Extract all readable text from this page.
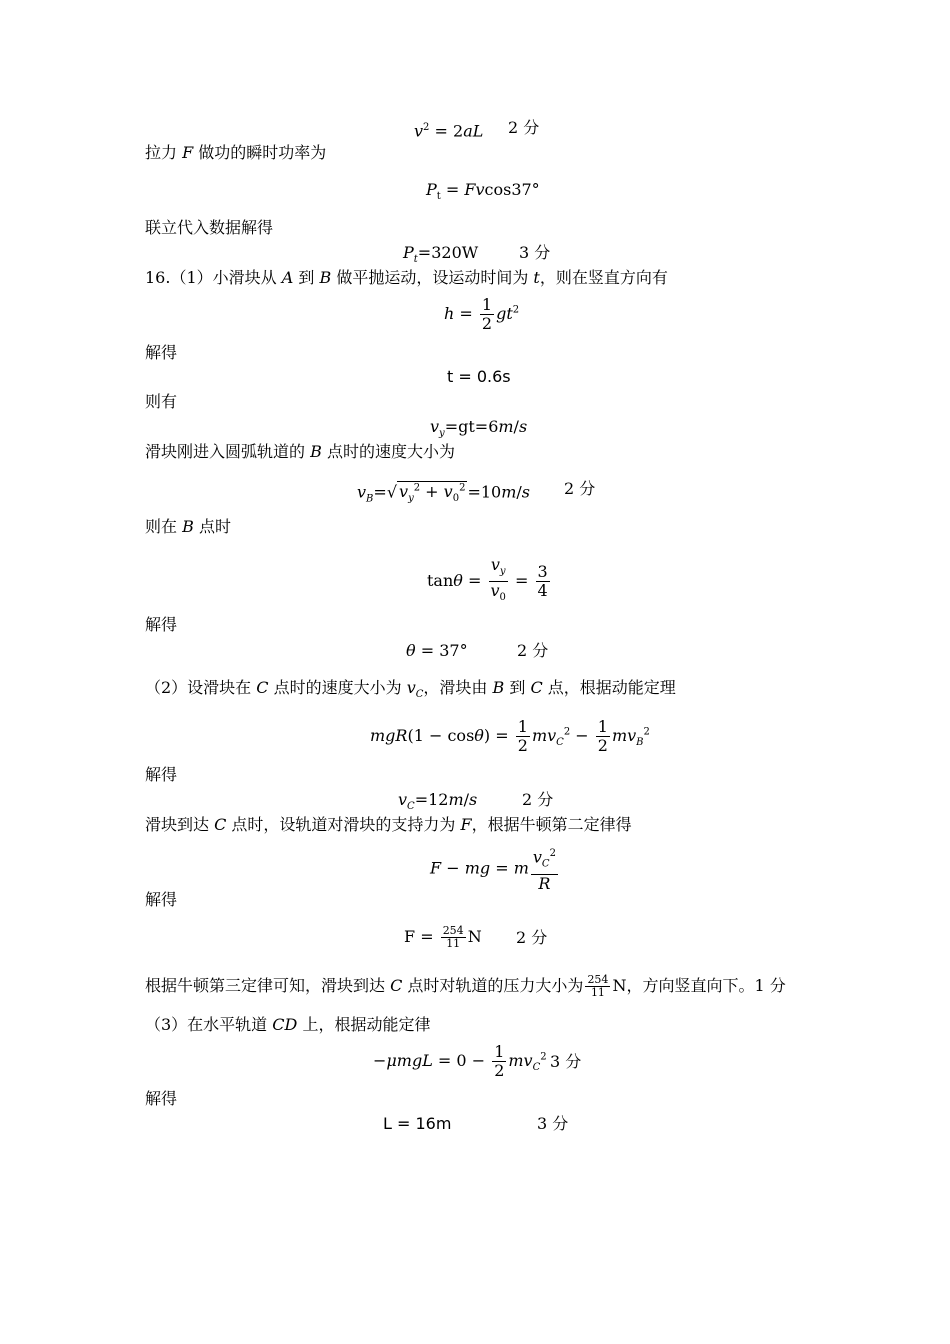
$v^2 = 2aL$ 2 分
拉力 F 做功的瞬时功率为
$P_t = Fvcos37^\circ$
联立代入数据解得
$P_t=320W$	3 分
16.（1）小滑块从 A 到 B 做平抛运动，设运动时间为 t，则在竖直方向有
$h = \frac{1}{2} gt^2$
解得
t = 0.6s
则有
$v_y=gt=6m/s$
滑块刚进入圆弧轨道的 B 点时的速度大小为
$v_B=√$ $v_y^2 + v_0^2 =10m/s$ 2 分
则在 B 点时
$\tan\theta = \frac{v_y}{v_0} = \frac{3}{4}$
解得
θ = 37°	2 分
（2）设滑块在 C 点时的速度大小为 $v_C$，滑块由 B 到 C 点，根据动能定理
$mgR(1 - \cos\theta) = \frac{1}{2} mv_C^2 - \frac{1}{2} mv_B^2$
解得
$v_C=12m/s$	2 分
滑块到达 C 点时，设轨道对滑块的支持力为 F，根据牛顿第二定律得
F − mg = m $\frac{v_C^2}{R}$
解得
$F = \frac{254}{11}$ N 2 分
根据牛顿第三定律可知，滑块到达 C 点时对轨道的压力大小为 $\frac{254}{11}$ N，方向竖直向下。1 分
（3）在水平轨道 CD 上，根据动能定律
$-\mu mgL = 0 - \frac{1}{2} mv_C^2$ 3 分
解得
L = 16m	3 分
